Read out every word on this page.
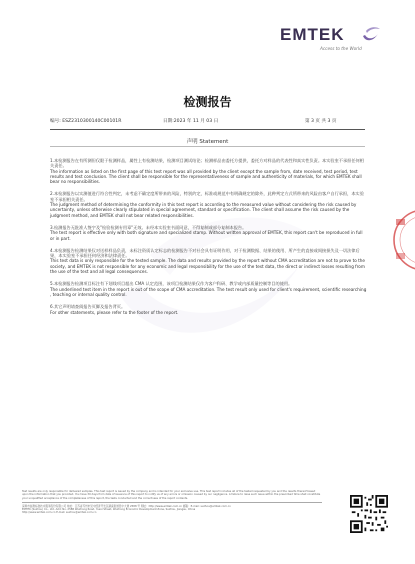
EMTEK
Access to the World
检测报告
编号: ESZ2310300140C00101R	日期:2023 年 11 月 03 日	第 3 页 共 3 页
声明 Statement
1.本检测报告在有所测但仅限于检测样品，属性上有检测结果，检测项目测试结论；检测样品由委托方提供，委托方对样品的代表性和真实性负责。本实验室不承担任何相关责任。
The information as listed on the first page of this test report was all provided by the client except the sample from, date received, test period, test results and test conclusion. The client shall be responsible for the representativeness of sample and authenticity of materials, for which EMTEK shall bear no responsibilities.
2.本检测报告以实测值进行符合性判定，未考虑不确定度所带来的风险，特别约定，标准或规范中有明确规定的除外，此种判定方式所带来的风险由客户自行承担，本实验室不承担相关责任。
The judgment method of determining the conformity in this test report is according to the measured value without considering the risk caused by uncertainty, unless otherwise clearly stipulated in special agreement, standard or specification. The client shall assume the risk caused by the judgment method, and EMTEK shall not bear related responsibilities.
3.检测报告无批准人签字及"检验检测专用章"无效。未经本实验室书面同意，不得复制或部分复制本报告。
The test report is effective only with both signature and specialized stamp. Without written approval of EMTEK, this report can't be reproduced in full or in part.
4.本检测报告检测结果仅对送样样品负责，未标注资质认定标志的检测报告不对社会具有证明作用，对于检测数据、结果的使用、所产生的直接或间接损失及一切法律后果，本实验室不承担任何经济和法律责任。
This test data is only responsible for the tested sample. The data and results provided by the report without CMA accreditation are not to prove to the society, and EMTEK is not responsible for any economic and legal responsibility for the use of the test data, the direct or indirect losses resulting from the use of the test and all legal consequences.
5.本检测报告检测项目标注有下划线项目超出 CMA 认定范围，该项目检测结果仅作为客户科研、教学或内部质量控制等目的使用。
The underlined test item in the report is out of the scope of CMA accreditation. The test result only used for client's requirement, scientific researching , teaching or internal quality control.
6.其它声明请查阅报告页脚及报告背页。
For other statements, please refer to the footer of the report.
Test results are only responsible for delivered samples. This test report is issued by the company and is intended for your exclusive use. This test report includes all of the tested requested by you and the results thereof based upon the information that you provided. You have 30 days from date of issuance of this report to notify us of any errors or omission caused by our negligence. A failure to raise such issue within the prescribed time shall constitute your unqualified acceptance of the completeness of this report, the tests conducted and the correctness of the report contents.
深圳市信测标准技术服务股份有限公司 地址：江苏省苏州市吴中经济开发区越溪街道吴中大道 2588 号 网址：http://www.emtek.com.cn 邮箱：E-mail: suzhou@emtek.com.cn
EMTEK (Suzhou) Co., Ltd. Add: No. 2588 Wuzhong Road, Yuexi Street, Wuzhong Economic Development Zone, Suzhou, Jiangsu, China
http://www.emtek.com.cn E-mail: suzhou@emtek.com.cn
